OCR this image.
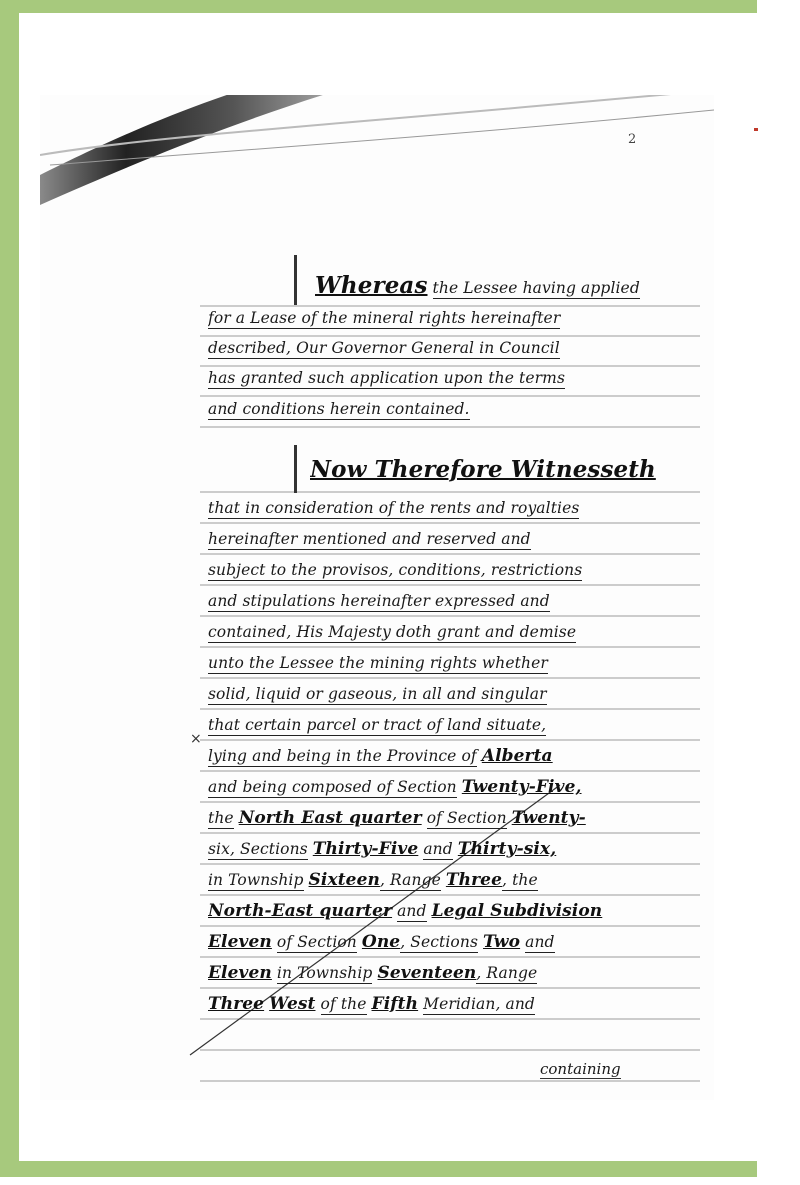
2
Whereas the Lessee having applied
for a Lease of the mineral rights hereinafter
described, Our Governor General in Council
has granted such application upon the terms
and conditions herein contained.
Now Therefore Witnesseth
that in consideration of the rents and royalties
hereinafter mentioned and reserved and
subject to the provisos, conditions, restrictions
and stipulations hereinafter expressed and
contained, His Majesty doth grant and demise
unto the Lessee the mining rights whether
solid, liquid or gaseous, in all and singular
that certain parcel or tract of land situate,
lying and being in the Province of Alberta
and being composed of Section Twenty-Five,
the North East quarter of Section Twenty-
six, Sections Thirty-Five and Thirty-six,
in Township Sixteen, Range Three, the
North-East quarter and Legal Subdivision
Eleven of Section One, Sections Two and
Eleven in Township Seventeen, Range
Three West of the Fifth Meridian, and
containing
×
